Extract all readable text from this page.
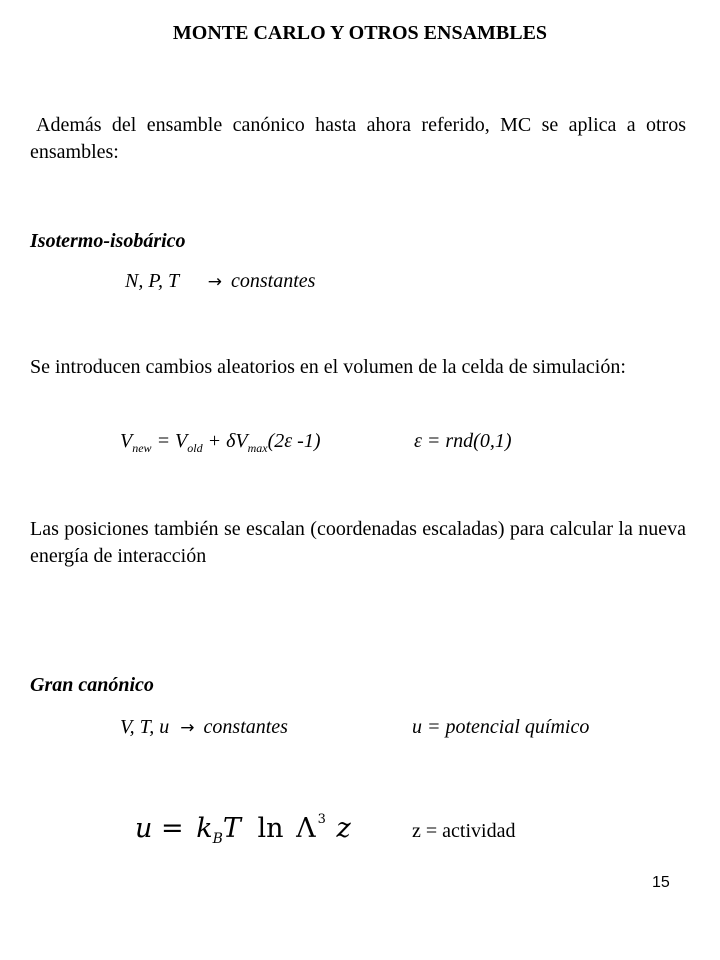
MONTE CARLO Y OTROS ENSAMBLES
Además del ensamble canónico hasta ahora referido, MC se aplica a otros ensambles:
Isotermo-isobárico
N, P, T → constantes
Se introducen cambios aleatorios en el volumen de la celda de simulación:
$V_{new} = V_{old} + \delta V_{max}(2\varepsilon$ -1)	ε = rnd(0,1)
Las posiciones también se escalan (coordenadas escaladas) para calcular la nueva energía de interacción
Gran canónico
V, T, u → constantes	u = potencial químico
$u = k_BT$ ln Λ $^3$ z	z = actividad
15
